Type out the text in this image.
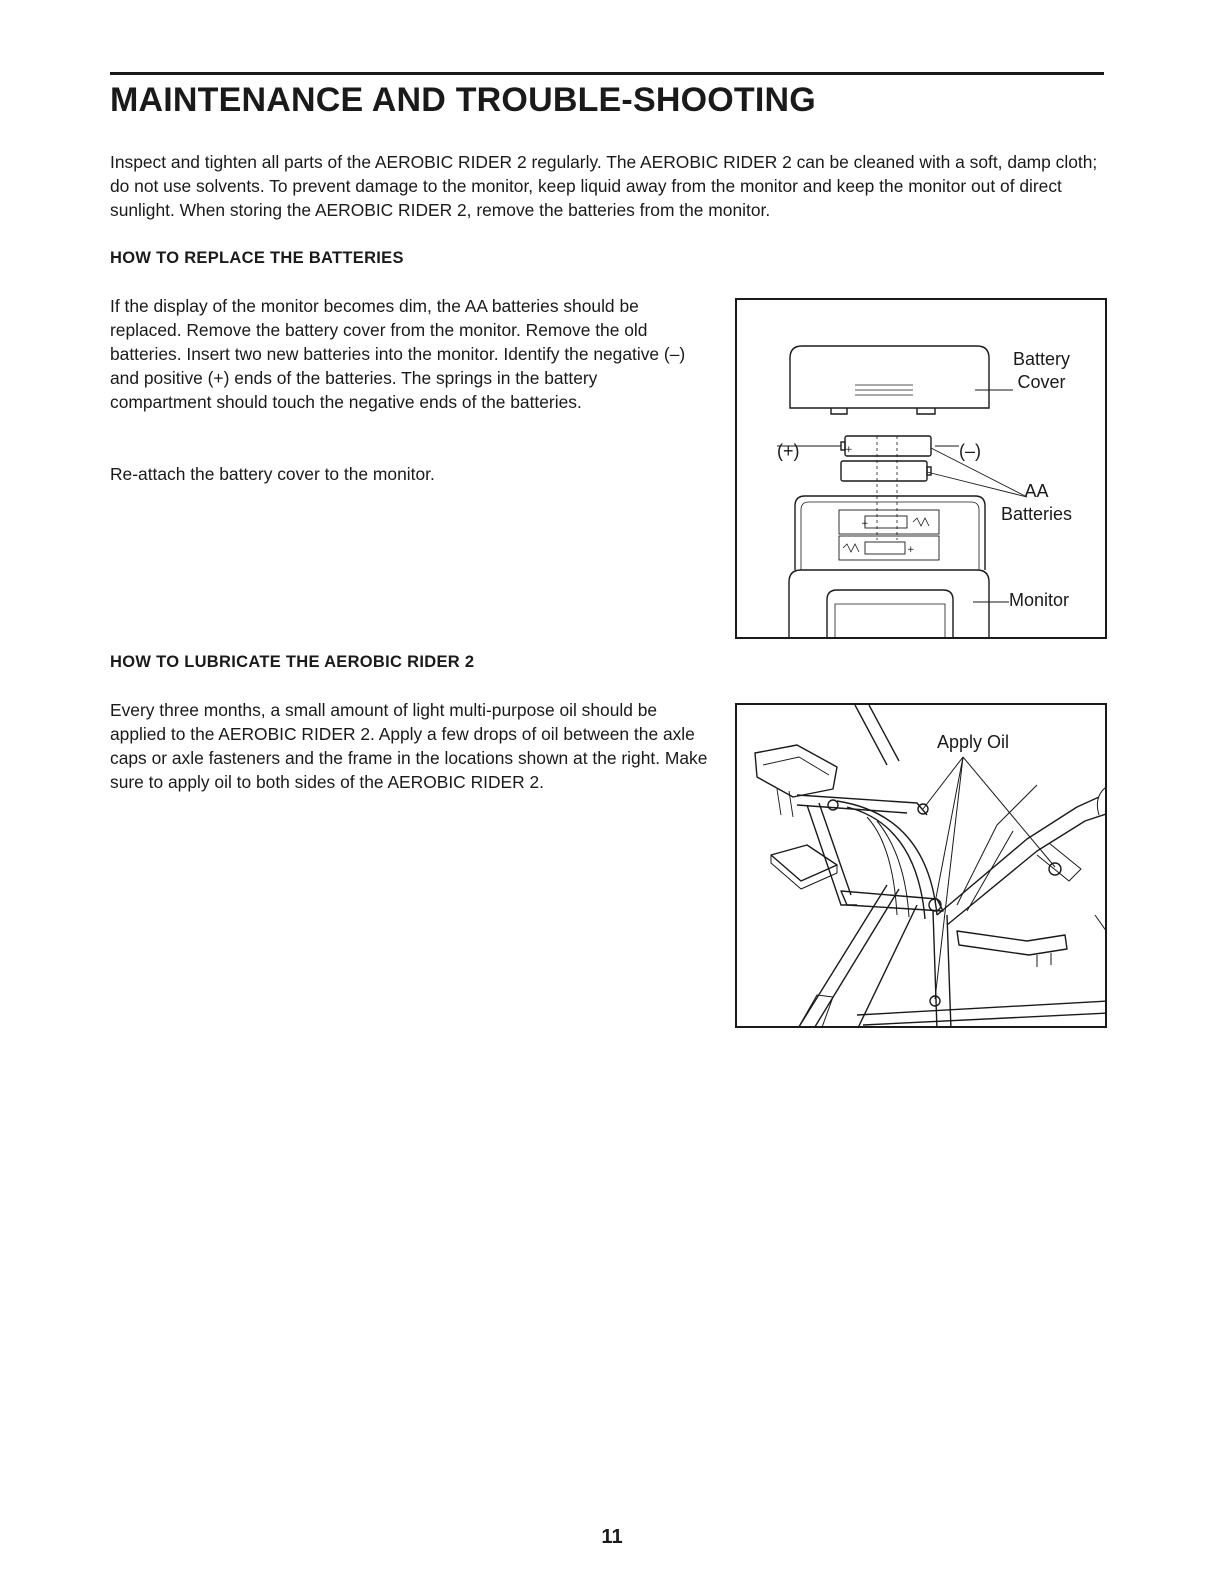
MAINTENANCE AND TROUBLE-SHOOTING

Inspect and tighten all parts of the AEROBIC RIDER 2 regularly. The AEROBIC RIDER 2 can be cleaned with a soft, damp cloth; do not use solvents. To prevent damage to the monitor, keep liquid away from the monitor and keep the monitor out of direct sunlight. When storing the AEROBIC RIDER 2, remove the batteries from the monitor.

HOW TO REPLACE THE BATTERIES

If the display of the monitor becomes dim, the AA batteries should be replaced. Remove the battery cover from the monitor. Remove the old batteries. Insert two new batteries into the monitor. Identify the negative (–) and positive (+) ends of the batteries. The springs in the battery compartment should touch the negative ends of the batteries.

Re-attach the battery cover to the monitor.

+
+
+
Battery
Cover
(+)	(–)
AA
Batteries
Monitor
HOW TO LUBRICATE THE AEROBIC RIDER 2

Every three months, a small amount of light multi-purpose oil should be applied to the AEROBIC RIDER 2. Apply a few drops of oil between the axle caps or axle fasteners and the frame in the locations shown at the right. Make sure to apply oil to both sides of the AEROBIC RIDER 2.

Apply Oil
11
